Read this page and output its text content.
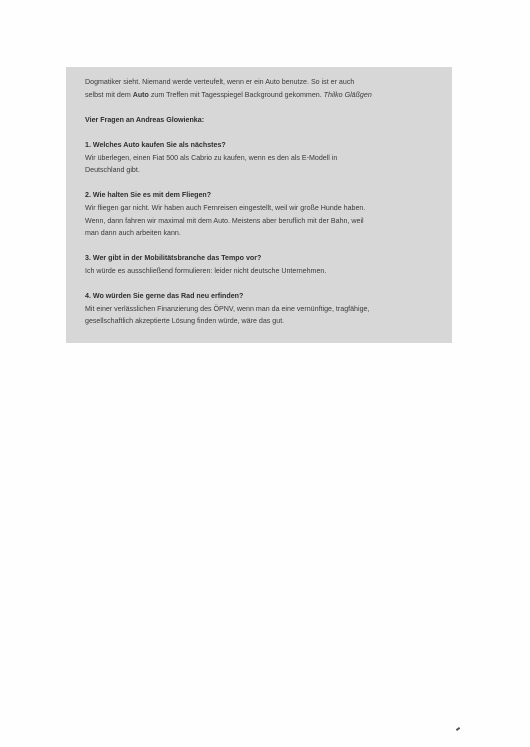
Dogmatiker sieht. Niemand werde verteufelt, wenn er ein Auto benutze. So ist er auch
selbst mit dem Auto zum Treffen mit Tagesspiegel Background gekommen. Thilko Gläßgen

Vier Fragen an Andreas Glowienka:

1. Welches Auto kaufen Sie als nächstes?
Wir überlegen, einen Fiat 500 als Cabrio zu kaufen, wenn es den als E-Modell in
Deutschland gibt.
2. Wie halten Sie es mit dem Fliegen?
Wir fliegen gar nicht. Wir haben auch Fernreisen eingestellt, weil wir große Hunde haben.
Wenn, dann fahren wir maximal mit dem Auto. Meistens aber beruflich mit der Bahn, weil
man dann auch arbeiten kann.
3. Wer gibt in der Mobilitätsbranche das Tempo vor?
Ich würde es ausschließend formulieren: leider nicht deutsche Unternehmen.
4. Wo würden Sie gerne das Rad neu erfinden?
Mit einer verlässlichen Finanzierung des ÖPNV, wenn man da eine vernünftige, tragfähige,
gesellschaftlich akzeptierte Lösung finden würde, wäre das gut.
